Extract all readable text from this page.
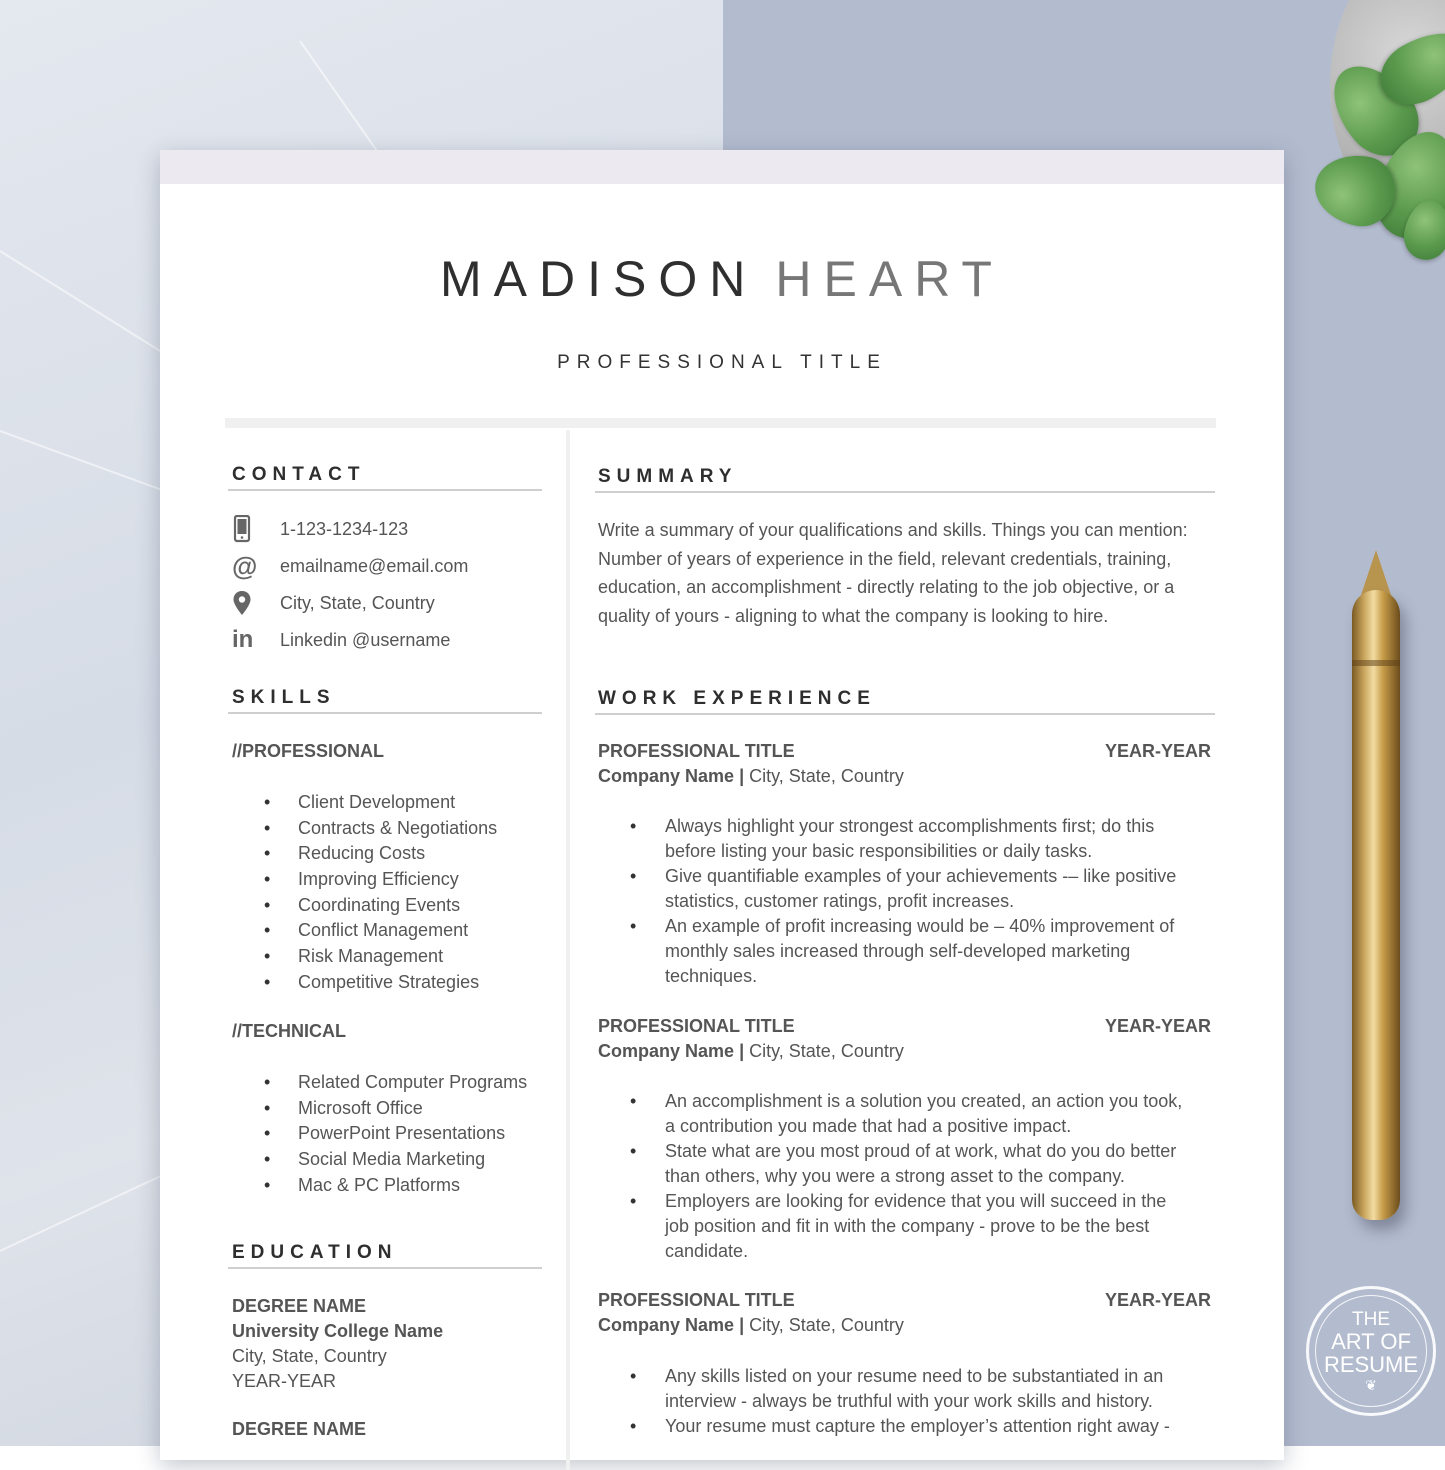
THE
ART OF
RESUME
❦
MADISON HEART
PROFESSIONAL TITLE
CONTACT
1-123-1234-123
@	emailname@email.com
City, State, Country
in	Linkedin @username
SKILLS
//PROFESSIONAL
• Client Development
• Contracts & Negotiations
• Reducing Costs
• Improving Efficiency
• Coordinating Events
• Conflict Management
• Risk Management
• Competitive Strategies
//TECHNICAL
• Related Computer Programs
• Microsoft Office
• PowerPoint Presentations
• Social Media Marketing
• Mac & PC Platforms
EDUCATION
DEGREE NAME
University College Name
City, State, Country
YEAR-YEAR
DEGREE NAME
SUMMARY
Write a summary of your qualifications and skills. Things you can mention:
Number of years of experience in the field, relevant credentials, training,
education, an accomplishment - directly relating to the job objective, or a
quality of yours - aligning to what the company is looking to hire.
WORK EXPERIENCE
PROFESSIONAL TITLE	YEAR-YEAR
Company Name | City, State, Country
• Always highlight your strongest accomplishments first; do this
before listing your basic responsibilities or daily tasks.
• Give quantifiable examples of your achievements -– like positive
statistics, customer ratings, profit increases.
• An example of profit increasing would be – 40% improvement of
monthly sales increased through self-developed marketing
techniques.
PROFESSIONAL TITLE	YEAR-YEAR
Company Name | City, State, Country
• An accomplishment is a solution you created, an action you took,
a contribution you made that had a positive impact.
• State what are you most proud of at work, what do you do better
than others, why you were a strong asset to the company.
• Employers are looking for evidence that you will succeed in the
job position and fit in with the company - prove to be the best
candidate.
PROFESSIONAL TITLE	YEAR-YEAR
Company Name | City, State, Country
• Any skills listed on your resume need to be substantiated in an
interview - always be truthful with your work skills and history.
• Your resume must capture the employer’s attention right away -
